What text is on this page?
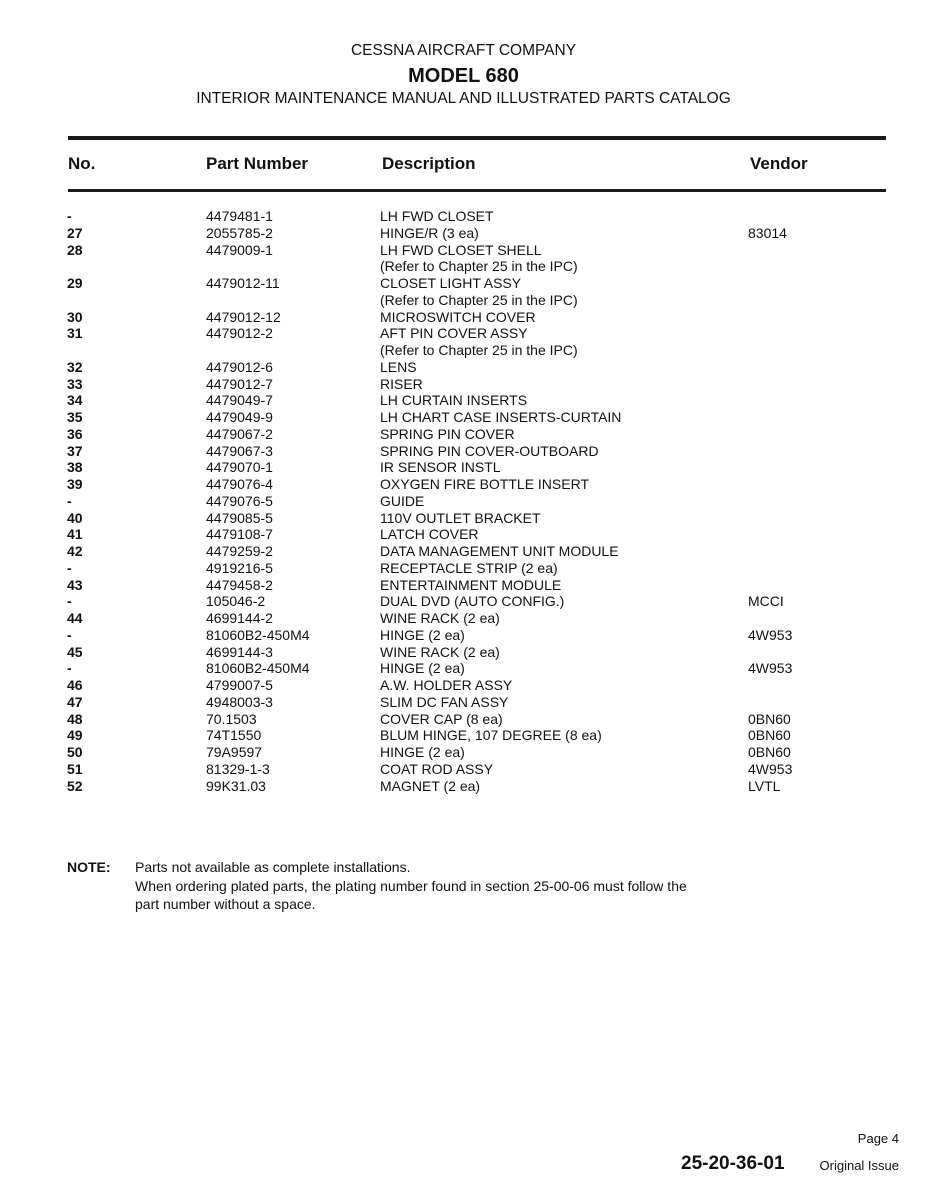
CESSNA AIRCRAFT COMPANY
MODEL 680
INTERIOR MAINTENANCE MANUAL AND ILLUSTRATED PARTS CATALOG
No.	Part Number	Description	Vendor
-	4479481-1	LH FWD CLOSET
27	2055785-2	HINGE/R (3 ea)	83014
28	4479009-1	LH FWD CLOSET SHELL
(Refer to Chapter 25 in the IPC)
29	4479012-11	CLOSET LIGHT ASSY
(Refer to Chapter 25 in the IPC)
30	4479012-12	MICROSWITCH COVER
31	4479012-2	AFT PIN COVER ASSY
(Refer to Chapter 25 in the IPC)
32	4479012-6	LENS
33	4479012-7	RISER
34	4479049-7	LH CURTAIN INSERTS
35	4479049-9	LH CHART CASE INSERTS-CURTAIN
36	4479067-2	SPRING PIN COVER
37	4479067-3	SPRING PIN COVER-OUTBOARD
38	4479070-1	IR SENSOR INSTL
39	4479076-4	OXYGEN FIRE BOTTLE INSERT
-	4479076-5	GUIDE
40	4479085-5	110V OUTLET BRACKET
41	4479108-7	LATCH COVER
42	4479259-2	DATA MANAGEMENT UNIT MODULE
-	4919216-5	RECEPTACLE STRIP (2 ea)
43	4479458-2	ENTERTAINMENT MODULE
-	105046-2	DUAL DVD (AUTO CONFIG.)	MCCI
44	4699144-2	WINE RACK (2 ea)
-	81060B2-450M4	HINGE (2 ea)	4W953
45	4699144-3	WINE RACK (2 ea)
-	81060B2-450M4	HINGE (2 ea)	4W953
46	4799007-5	A.W. HOLDER ASSY
47	4948003-3	SLIM DC FAN ASSY
48	70.1503	COVER CAP (8 ea)	0BN60
49	74T1550	BLUM HINGE, 107 DEGREE (8 ea)	0BN60
50	79A9597	HINGE (2 ea)	0BN60
51	81329-1-3	COAT ROD ASSY	4W953
52	99K31.03	MAGNET (2 ea)	LVTL
NOTE: Parts not available as complete installations.
When ordering plated parts, the plating number found in section 25-00-06 must follow the
part number without a space.
Page 4
25-20-36-01	Original Issue
